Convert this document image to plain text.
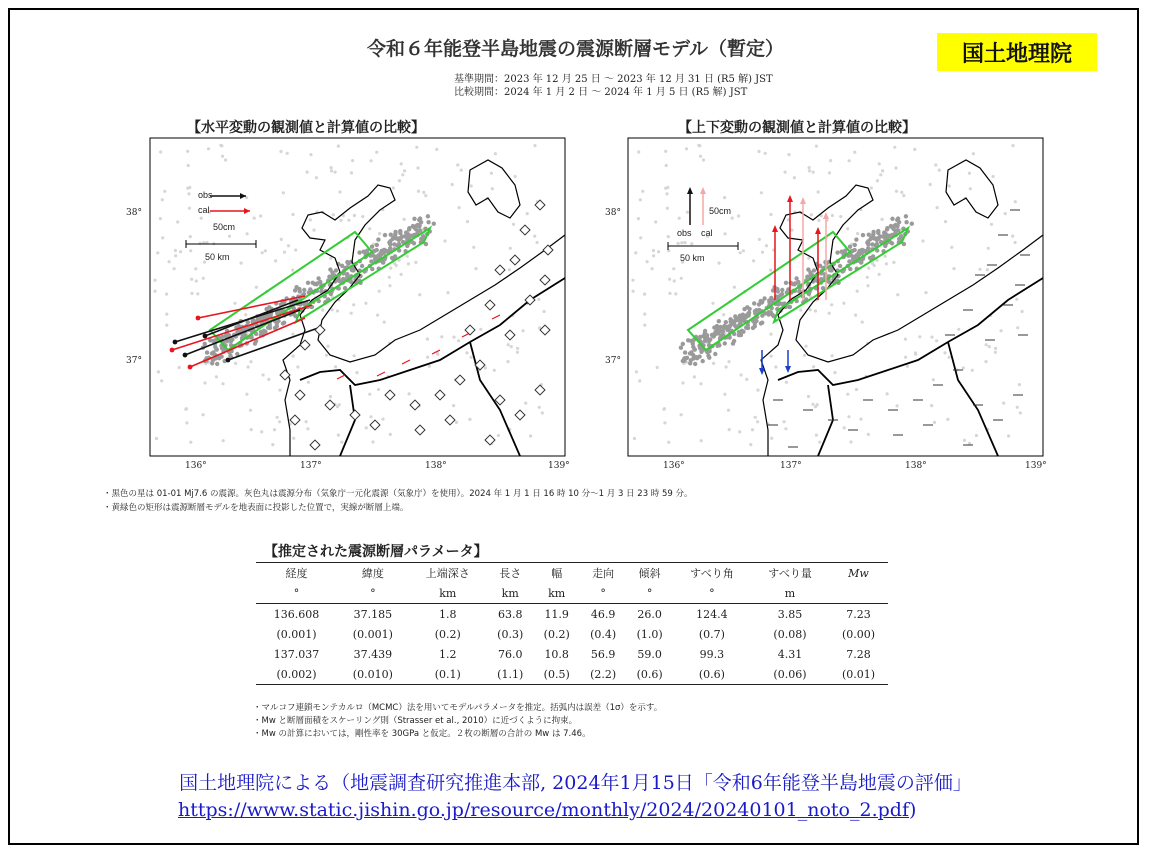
令和６年能登半島地震の震源断層モデル（暫定）	国土地理院
基準期間：2023 年 12 月 25 日 ～ 2023 年 12 月 31 日 (R5 解) JST
比較期間：2024 年 1 月 2 日 ～ 2024 年 1 月 5 日 (R5 解) JST
【水平変動の観測値と計算値の比較】	【上下変動の観測値と計算値の比較】
obs
cal
50cm
50 km
50cm
obs cal
50 km
38°
37°
38°
37°
136°	137°	138°	139°	136°	137°	138°	139°
・黒色の星は 01-01 Mj7.6 の震源。灰色丸は震源分布（気象庁一元化震源（気象庁）を使用）。2024 年 1 月 1 日 16 時 10 分～1 月 3 日 23 時 59 分。
・黄緑色の矩形は震源断層モデルを地表面に投影した位置で，実線が断層上端。
【推定された震源断層パラメータ】
経度	緯度	上端深さ	長さ	幅	走向	傾斜	すべり角	すべり量	Mw
°	°	km	km	km	°	°	°	m	
136.608	37.185	1.8	63.8	11.9	46.9	26.0	124.4	3.85	7.23
(0.001)	(0.001)	(0.2)	(0.3)	(0.2)	(0.4)	(1.0)	(0.7)	(0.08)	(0.00)
137.037	37.439	1.2	76.0	10.8	56.9	59.0	99.3	4.31	7.28
(0.002)	(0.010)	(0.1)	(1.1)	(0.5)	(2.2)	(0.6)	(0.6)	(0.06)	(0.01)
・マルコフ連鎖モンテカルロ（MCMC）法を用いてモデルパラメータを推定。括弧内は誤差（1σ）を示す。
・Mw と断層面積をスケーリング則（Strasser et al., 2010）に近づくように拘束。
・Mw の計算においては，剛性率を 30GPa と仮定。２枚の断層の合計の Mw は 7.46。
国土地理院による（地震調査研究推進本部, 2024年1月15日「令和6年能登半島地震の評価」
https://www.static.jishin.go.jp/resource/monthly/2024/20240101_noto_2.pdf)
